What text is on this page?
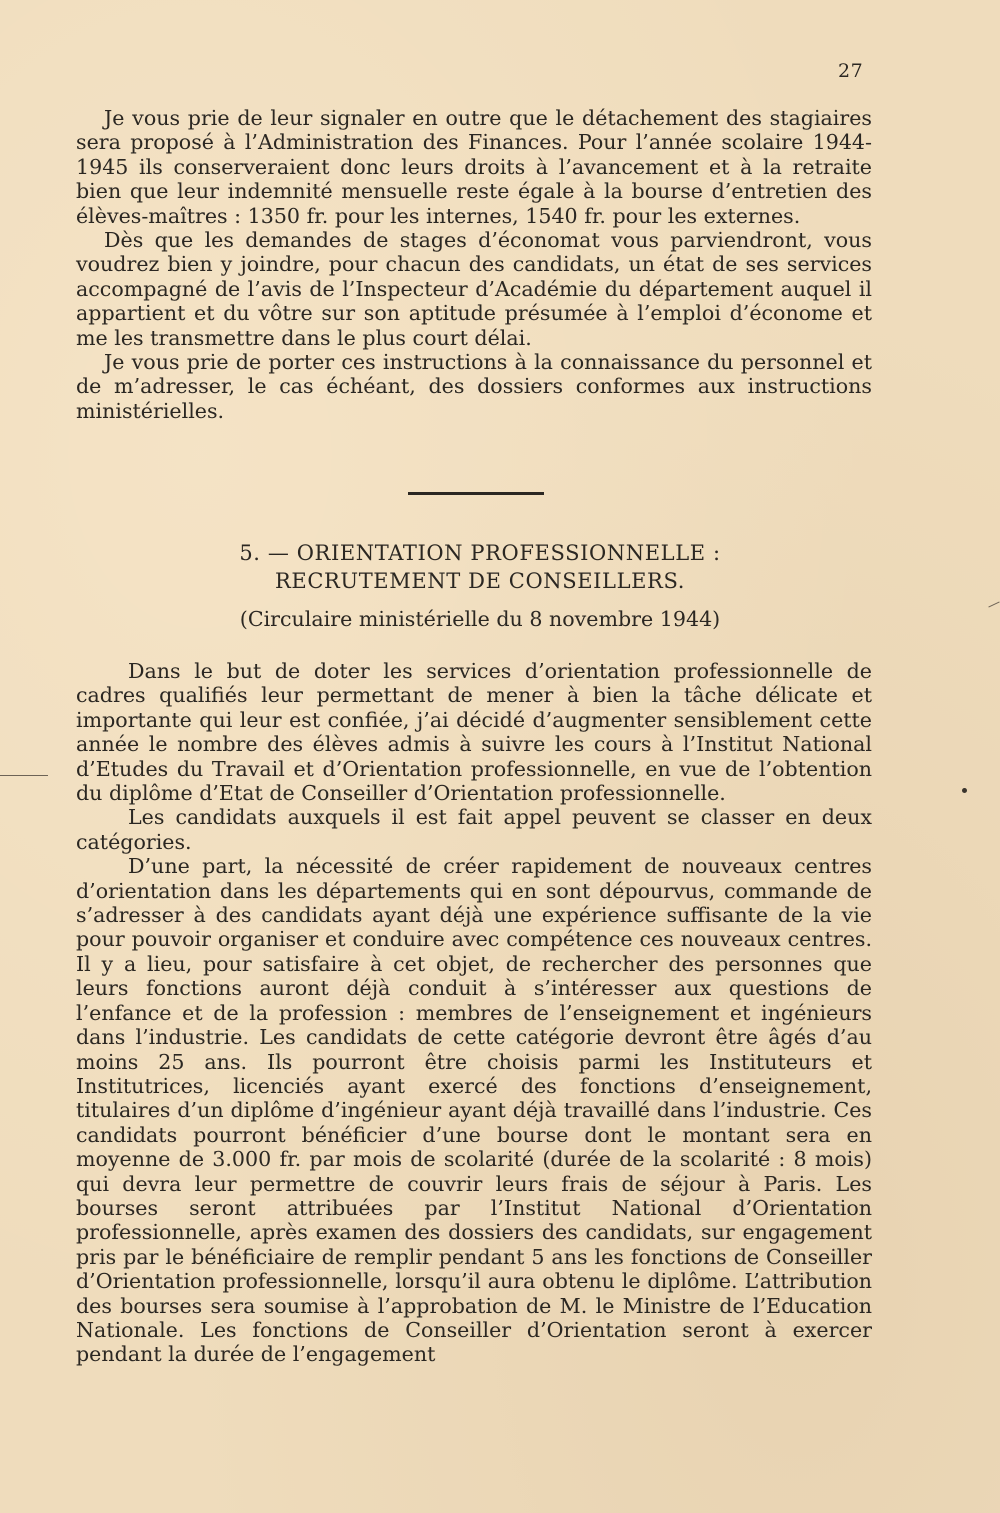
27

Je vous prie de leur signaler en outre que le détachement des stagiaires sera proposé à l’Administration des Finances. Pour l’année scolaire 1944-1945 ils conserveraient donc leurs droits à l’avancement et à la retraite bien que leur indemnité mensuelle reste égale à la bourse d’entretien des élèves-maîtres : 1350 fr. pour les internes, 1540 fr. pour les externes.

Dès que les demandes de stages d’économat vous parviendront, vous voudrez bien y joindre, pour chacun des candidats, un état de ses services accompagné de l’avis de l’Inspecteur d’Académie du département auquel il appartient et du vôtre sur son aptitude présumée à l’emploi d’économe et me les transmettre dans le plus court délai.

Je vous prie de porter ces instructions à la connaissance du personnel et de m’adresser, le cas échéant, des dossiers conformes aux instructions ministérielles.

5. — ORIENTATION PROFESSIONNELLE :
RECRUTEMENT DE CONSEILLERS.
(Circulaire ministérielle du 8 novembre 1944)

Dans le but de doter les services d’orientation professionnelle de cadres qualifiés leur permettant de mener à bien la tâche délicate et importante qui leur est confiée, j’ai décidé d’augmenter sensiblement cette année le nombre des élèves admis à suivre les cours à l’Institut National d’Etudes du Travail et d’Orientation professionnelle, en vue de l’obtention du diplôme d’Etat de Conseiller d’Orientation professionnelle.

Les candidats auxquels il est fait appel peuvent se classer en deux catégories.

D’une part, la nécessité de créer rapidement de nouveaux centres d’orientation dans les départements qui en sont dépourvus, commande de s’adresser à des candidats ayant déjà une expérience suffisante de la vie pour pouvoir organiser et conduire avec compétence ces nouveaux centres. Il y a lieu, pour satisfaire à cet objet, de rechercher des personnes que leurs fonctions auront déjà conduit à s’intéresser aux questions de l’enfance et de la profession : membres de l’enseignement et ingénieurs dans l’industrie. Les candidats de cette catégorie devront être âgés d’au moins 25 ans. Ils pourront être choisis parmi les Instituteurs et Institutrices, licenciés ayant exercé des fonctions d’enseignement, titulaires d’un diplôme d’ingénieur ayant déjà travaillé dans l’industrie. Ces candidats pourront bénéficier d’une bourse dont le montant sera en moyenne de 3.000 fr. par mois de scolarité (durée de la scolarité : 8 mois) qui devra leur permettre de couvrir leurs frais de séjour à Paris. Les bourses seront attribuées par l’Institut National d’Orientation professionnelle, après examen des dossiers des candidats, sur engagement pris par le bénéficiaire de remplir pendant 5 ans les fonctions de Conseiller d’Orientation professionnelle, lorsqu’il aura obtenu le diplôme. L’attribution des bourses sera soumise à l’approbation de M. le Ministre de l’Education Nationale. Les fonctions de Conseiller d’Orientation seront à exercer pendant la durée de l’engagement
